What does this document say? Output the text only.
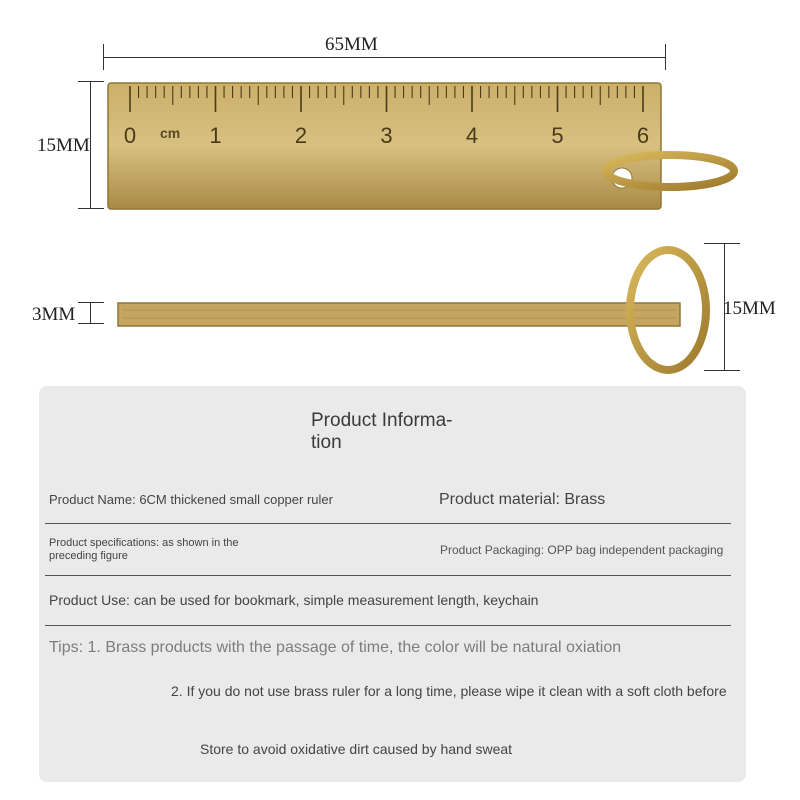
65MM
15MM 0	1	2	3	4	5	6
cm
3MM	15MM
Product Informa-
tion
Product Name: 6CM thickened small copper ruler	Product material: Brass
Product specifications: as shown in the preceding figure	Product Packaging: OPP bag independent packaging
Product Use: can be used for bookmark, simple measurement length, keychain
Tips: 1. Brass products with the passage of time, the color will be natural oxiation
2. If you do not use brass ruler for a long time, please wipe it clean with a soft cloth before
Store to avoid oxidative dirt caused by hand sweat
